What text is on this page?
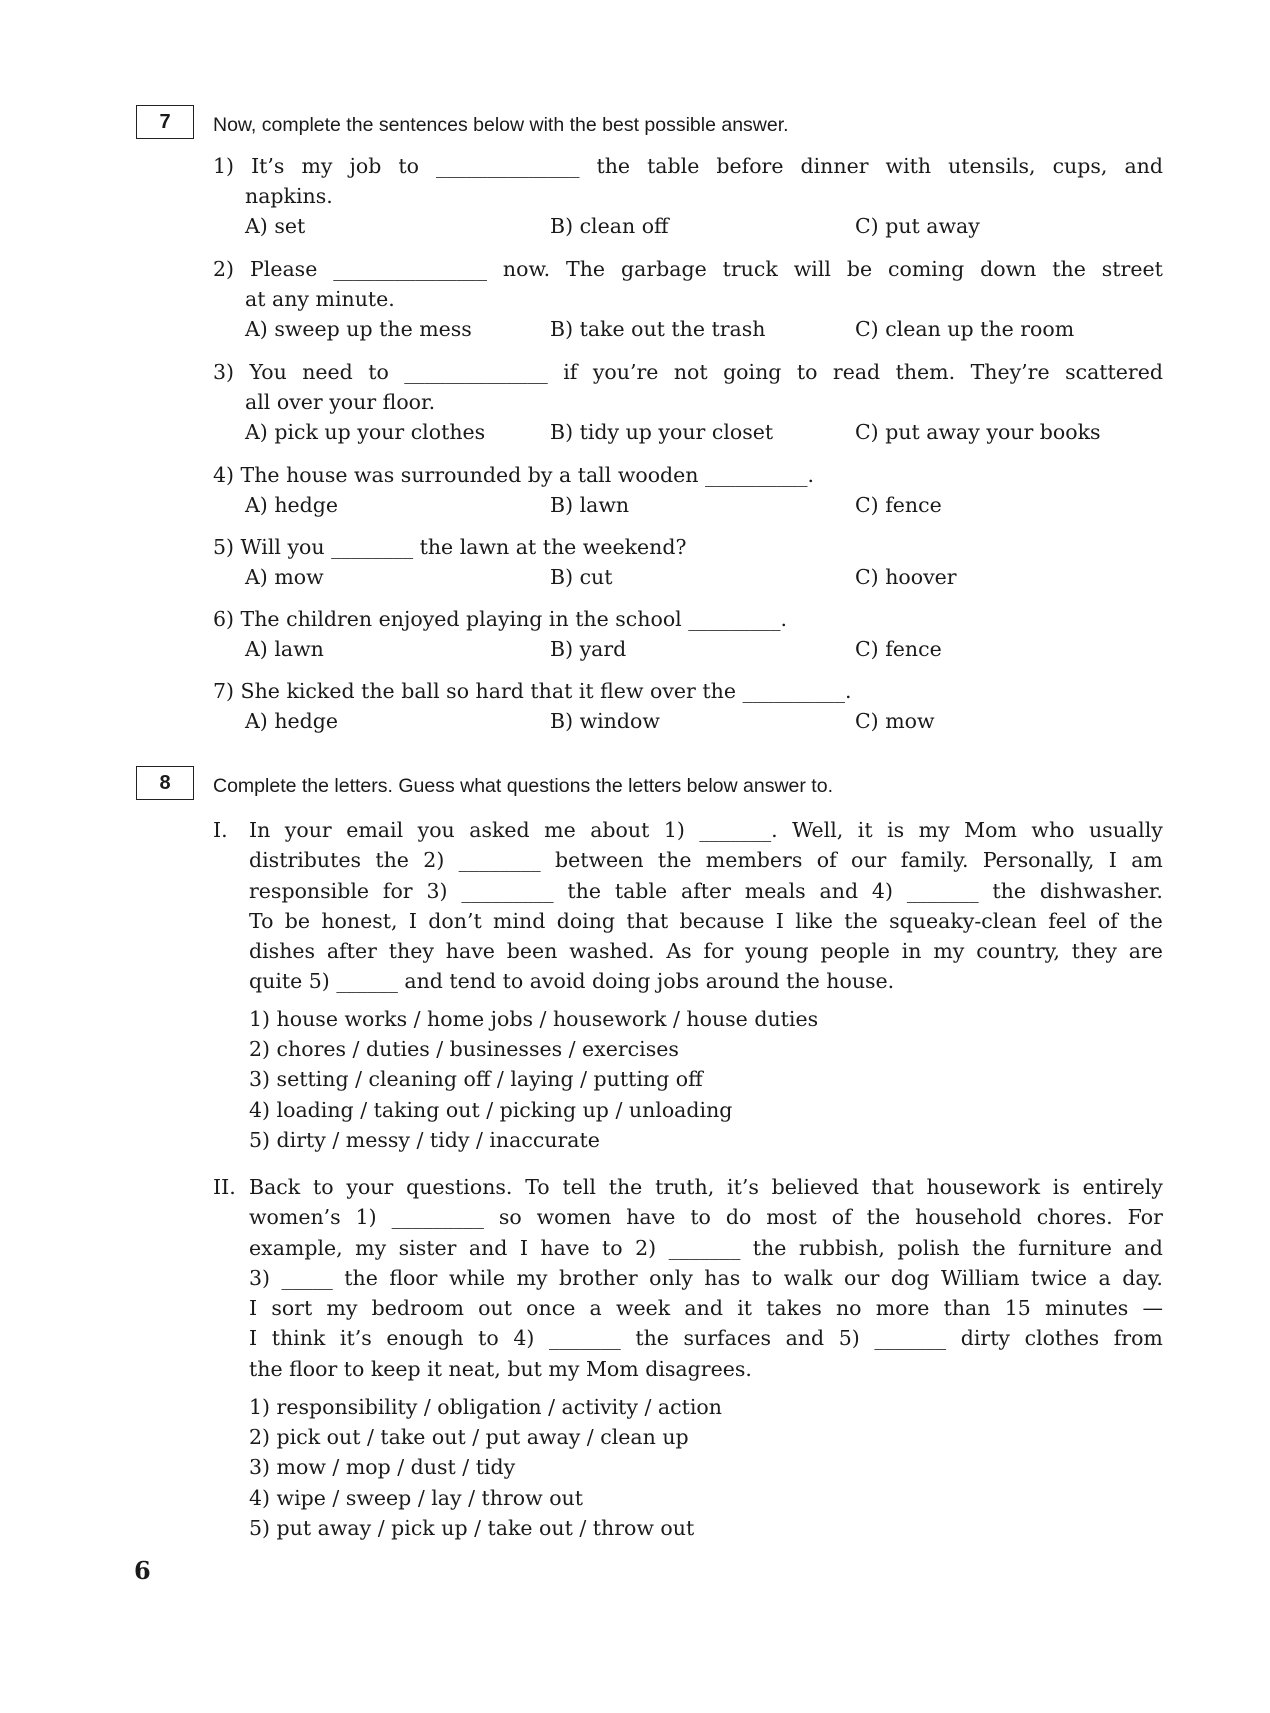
7	Now, complete the sentences below with the best possible answer.
1) It’s my job to ______________ the table before dinner with utensils, cups, and
napkins.
A) set	B) clean off	C) put away
2) Please _______________ now. The garbage truck will be coming down the street
at any minute.
A) sweep up the mess	B) take out the trash	C) clean up the room
3) You need to ______________ if you’re not going to read them. They’re scattered
all over your floor.
A) pick up your clothes	B) tidy up your closet	C) put away your books
4) The house was surrounded by a tall wooden __________.
A) hedge	B) lawn	C) fence
5) Will you ________ the lawn at the weekend?
A) mow	B) cut	C) hoover
6) The children enjoyed playing in the school _________.
A) lawn	B) yard	C) fence
7) She kicked the ball so hard that it flew over the __________.
A) hedge	B) window	C) mow
8	Complete the letters. Guess what questions the letters below answer to.
I.	In your email you asked me about 1) _______. Well, it is my Mom who usually
distributes the 2) ________ between the members of our family. Personally, I am
responsible for 3) _________ the table after meals and 4) _______ the dishwasher.
To be honest, I don’t mind doing that because I like the squeaky-clean feel of the
dishes after they have been washed. As for young people in my country, they are
quite 5) ______ and tend to avoid doing jobs around the house.
1) house works / home jobs / housework / house duties
2) chores / duties / businesses / exercises
3) setting / cleaning off / laying / putting off
4) loading / taking out / picking up / unloading
5) dirty / messy / tidy / inaccurate
II. Back to your questions. To tell the truth, it’s believed that housework is entirely
women’s 1) _________ so women have to do most of the household chores. For
example, my sister and I have to 2) _______ the rubbish, polish the furniture and
3) _____ the floor while my brother only has to walk our dog William twice a day.
I sort my bedroom out once a week and it takes no more than 15 minutes —
I think it’s enough to 4) _______ the surfaces and 5) _______ dirty clothes from
the floor to keep it neat, but my Mom disagrees.
1) responsibility / obligation / activity / action
2) pick out / take out / put away / clean up
3) mow / mop / dust / tidy
4) wipe / sweep / lay / throw out
5) put away / pick up / take out / throw out
6
